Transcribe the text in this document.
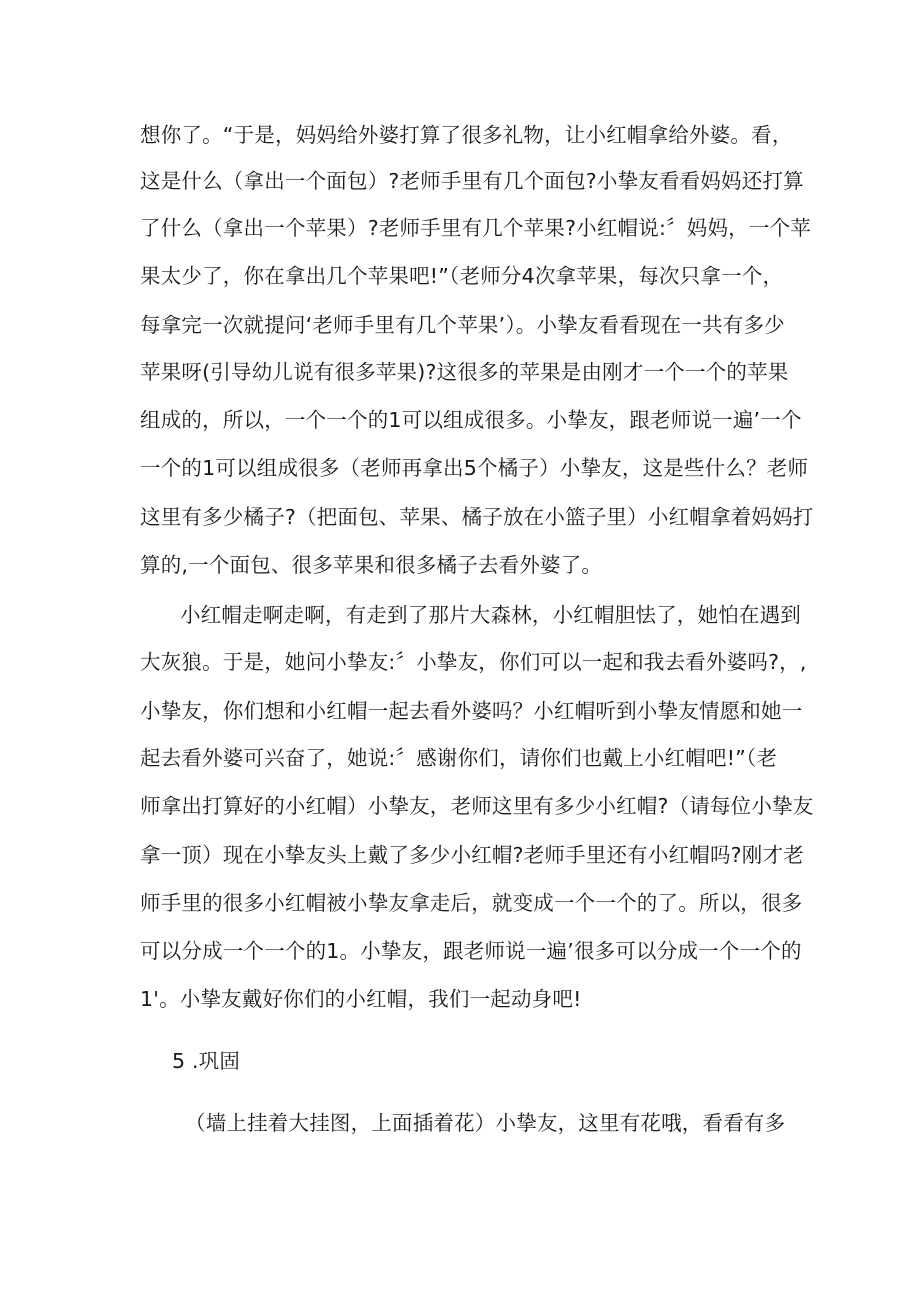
想你了。“于是，妈妈给外婆打算了很多礼物，让小红帽拿给外婆。看，
这是什么（拿出一个面包）?老师手里有几个面包?小挚友看看妈妈还打算
了什么（拿出一个苹果）?老师手里有几个苹果?小红帽说:〞妈妈，一个苹
果太少了，你在拿出几个苹果吧!”（老师分4次拿苹果，每次只拿一个，
每拿完一次就提问‘老师手里有几个苹果’）。小挚友看看现在一共有多少
苹果呀(引导幼儿说有很多苹果)?这很多的苹果是由刚才一个一个的苹果
组成的，所以，一个一个的1可以组成很多。小挚友，跟老师说一遍’一个
一个的1可以组成很多（老师再拿出5个橘子）小挚友，这是些什么？老师
这里有多少橘子?（把面包、苹果、橘子放在小篮子里）小红帽拿着妈妈打
算的,一个面包、很多苹果和很多橘子去看外婆了。
小红帽走啊走啊，有走到了那片大森林，小红帽胆怯了，她怕在遇到
大灰狼。于是，她问小挚友:〞小挚友，你们可以一起和我去看外婆吗?，,
小挚友，你们想和小红帽一起去看外婆吗？小红帽听到小挚友情愿和她一
起去看外婆可兴奋了，她说:〞感谢你们，请你们也戴上小红帽吧!”（老
师拿出打算好的小红帽）小挚友，老师这里有多少小红帽?（请每位小挚友
拿一顶）现在小挚友头上戴了多少小红帽?老师手里还有小红帽吗?刚才老
师手里的很多小红帽被小挚友拿走后，就变成一个一个的了。所以，很多
可以分成一个一个的1。小挚友，跟老师说一遍’很多可以分成一个一个的
1'。小挚友戴好你们的小红帽，我们一起动身吧!
5 .巩固
（墙上挂着大挂图，上面插着花）小挚友，这里有花哦，看看有多
